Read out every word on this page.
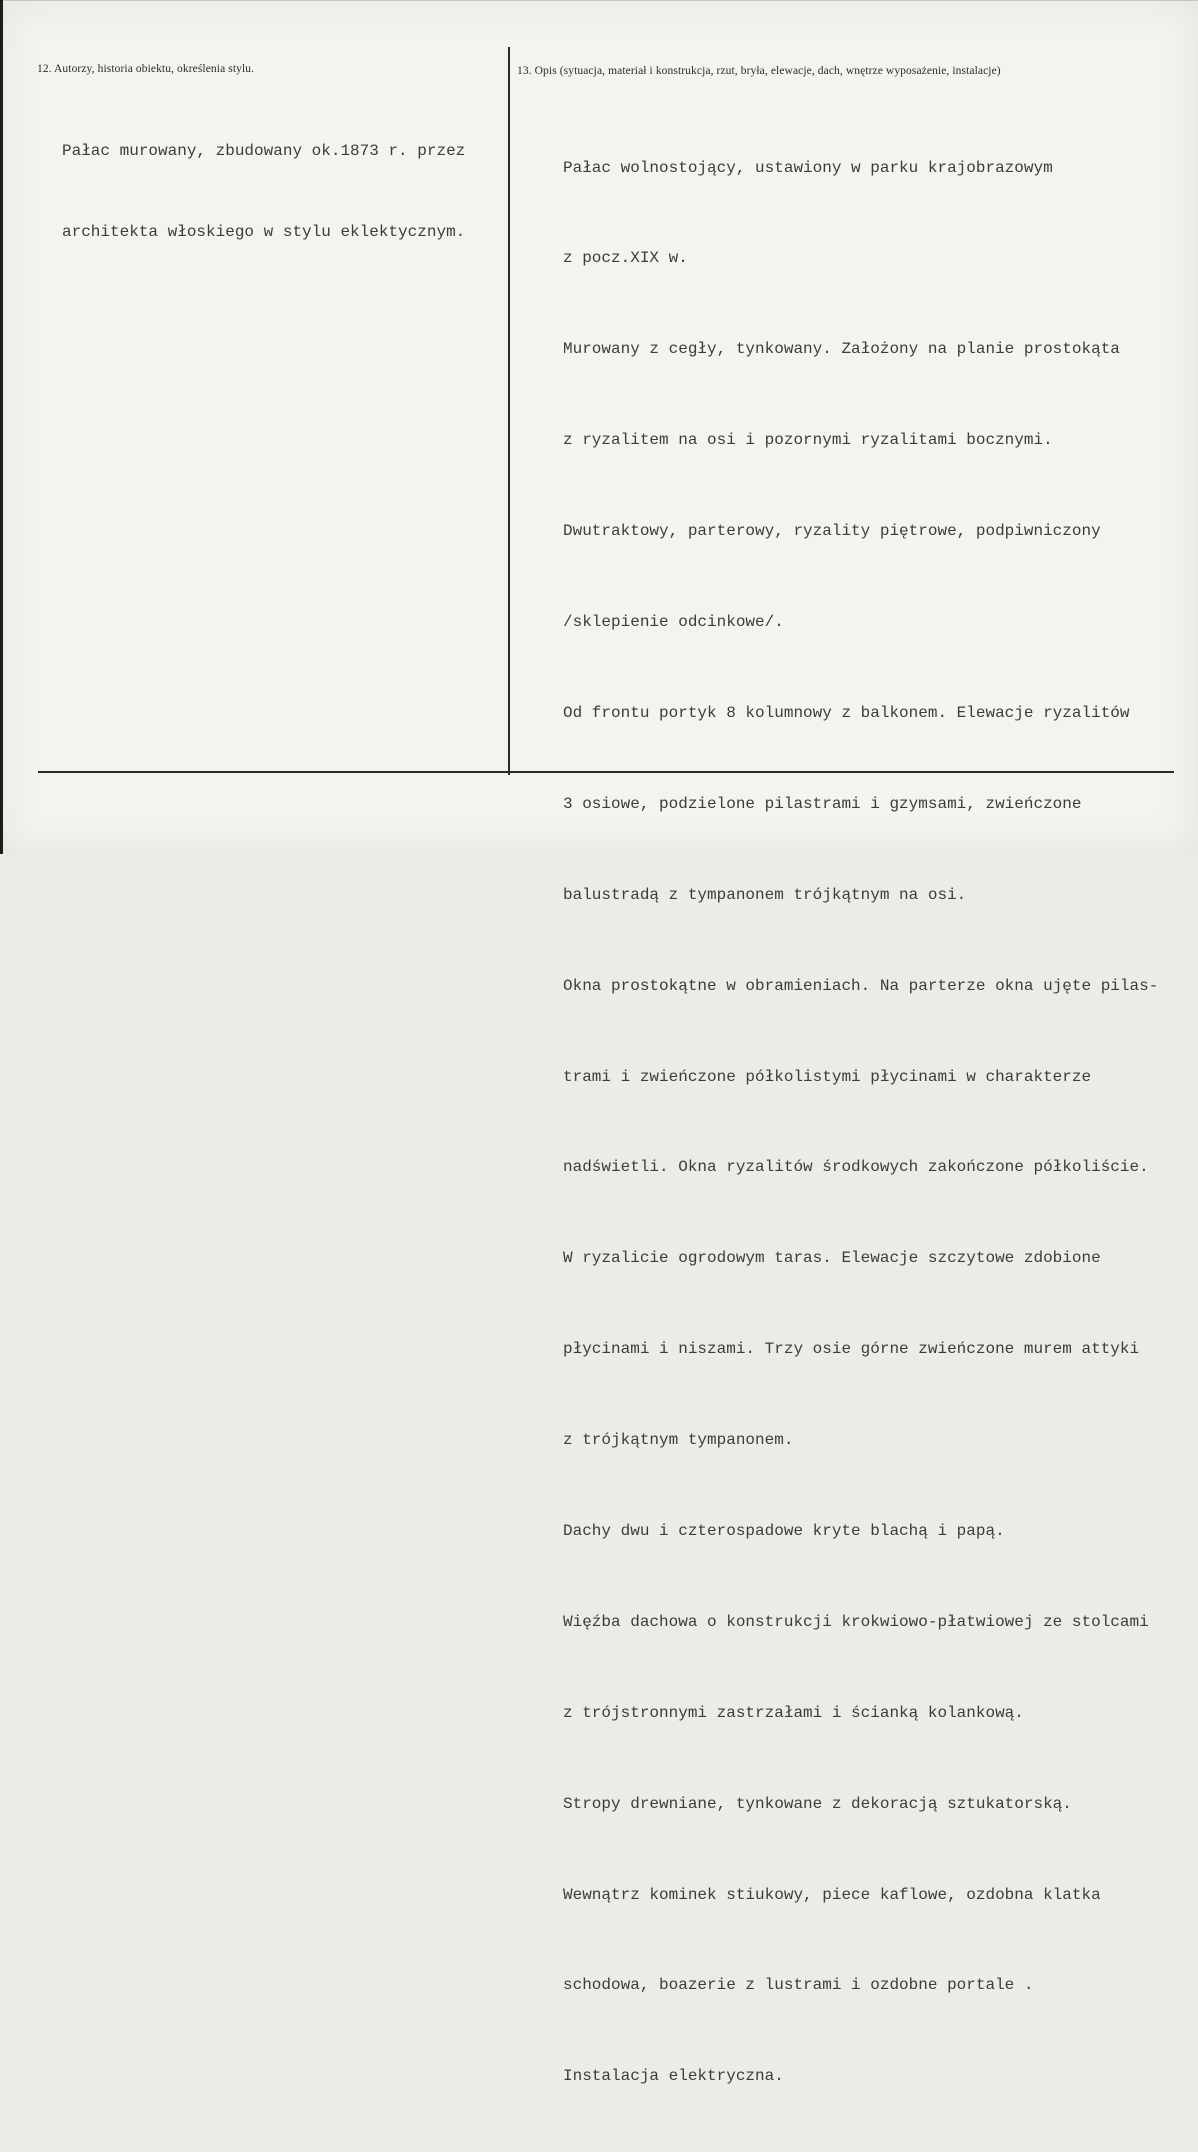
12. Autorzy, historia obiektu, określenia stylu.	13. Opis (sytuacja, materiał i konstrukcja, rzut, bryła, elewacje, dach, wnętrze wyposażenie, instalacje)

Pałac murowany, zbudowany ok.1873 r. przez

architekta włoskiego w stylu eklektycznym.

Pałac wolnostojący, ustawiony w parku krajobrazowym

z pocz.XIX w.

Murowany z cegły, tynkowany. Założony na planie prostokąta

z ryzalitem na osi i pozornymi ryzalitami bocznymi.

Dwutraktowy, parterowy, ryzality piętrowe, podpiwniczony

/sklepienie odcinkowe/.

Od frontu portyk 8 kolumnowy z balkonem. Elewacje ryzalitów

3 osiowe, podzielone pilastrami i gzymsami, zwieńczone

balustradą z tympanonem trójkątnym na osi.

Okna prostokątne w obramieniach. Na parterze okna ujęte pilas-

trami i zwieńczone półkolistymi płycinami w charakterze

nadświetli. Okna ryzalitów środkowych zakończone półkoliście.

W ryzalicie ogrodowym taras. Elewacje szczytowe zdobione

płycinami i niszami. Trzy osie górne zwieńczone murem attyki

z trójkątnym tympanonem.

Dachy dwu i czterospadowe kryte blachą i papą.

Więźba dachowa o konstrukcji krokwiowo-płatwiowej ze stolcami

z trójstronnymi zastrzałami i ścianką kolankową.

Stropy drewniane, tynkowane z dekoracją sztukatorską.

Wewnątrz kominek stiukowy, piece kaflowe, ozdobna klatka

schodowa, boazerie z lustrami i ozdobne portale .

Instalacja elektryczna.
